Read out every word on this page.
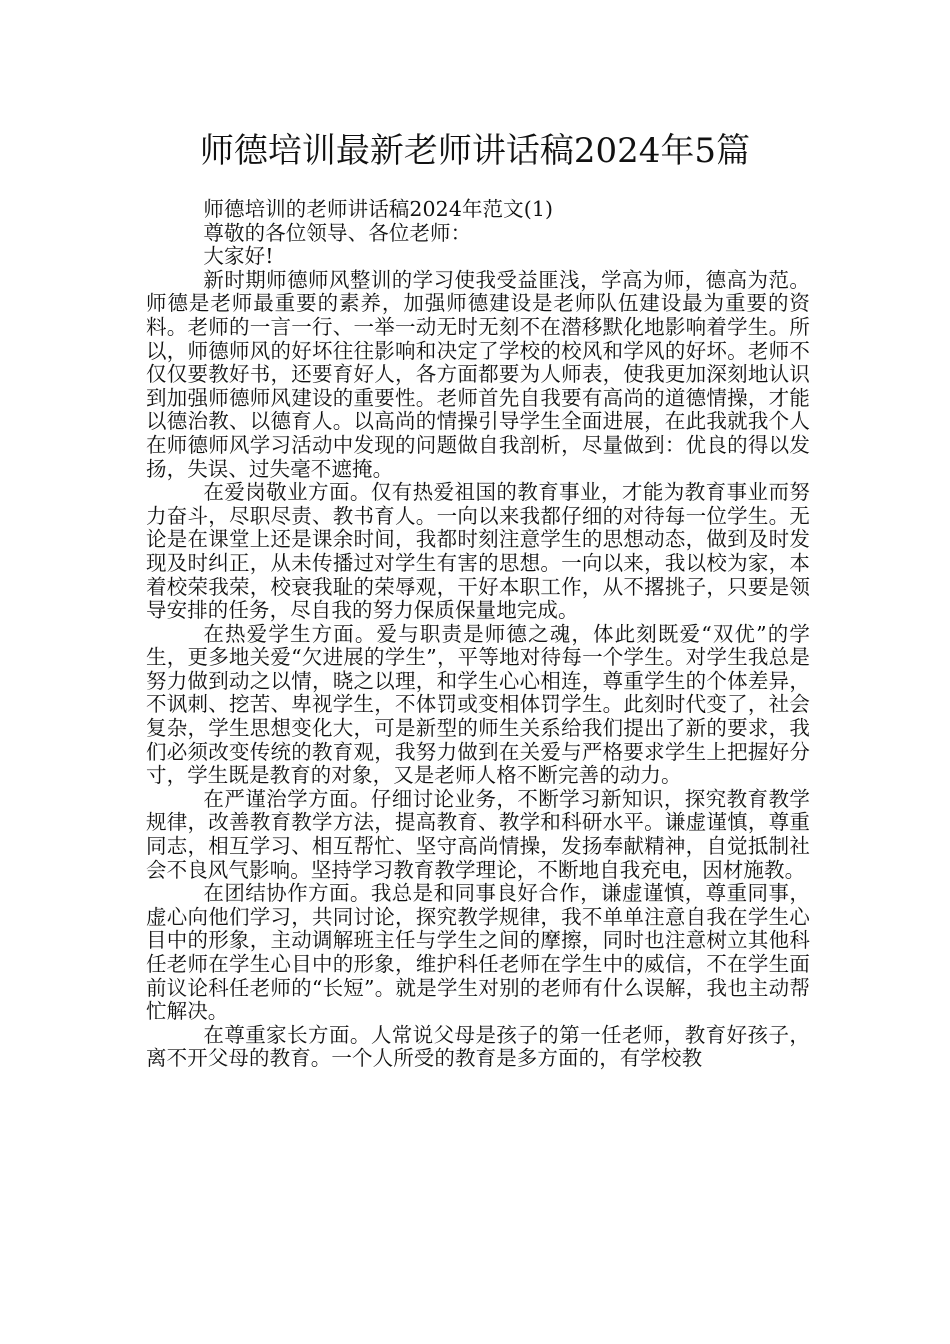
师德培训最新老师讲话稿2024年5篇

师德培训的老师讲话稿2024年范文(1)

尊敬的各位领导、各位老师：

大家好!

新时期师德师风整训的学习使我受益匪浅，学高为师，德高为范。师德是老师最重要的素养，加强师德建设是老师队伍建设最为重要的资料。老师的一言一行、一举一动无时无刻不在潜移默化地影响着学生。所以，师德师风的好坏往往影响和决定了学校的校风和学风的好坏。老师不仅仅要教好书，还要育好人，各方面都要为人师表，使我更加深刻地认识到加强师德师风建设的重要性。老师首先自我要有高尚的道德情操，才能以德治教、以德育人。以高尚的情操引导学生全面进展，在此我就我个人在师德师风学习活动中发现的问题做自我剖析，尽量做到：优良的得以发扬，失误、过失毫不遮掩。

在爱岗敬业方面。仅有热爱祖国的教育事业，才能为教育事业而努力奋斗，尽职尽责、教书育人。一向以来我都仔细的对待每一位学生。无论是在课堂上还是课余时间，我都时刻注意学生的思想动态，做到及时发现及时纠正，从未传播过对学生有害的思想。一向以来，我以校为家，本着校荣我荣，校衰我耻的荣辱观，干好本职工作，从不撂挑子，只要是领导安排的任务，尽自我的努力保质保量地完成。

在热爱学生方面。爱与职责是师德之魂，体此刻既爱“双优”的学生，更多地关爱“欠进展的学生”，平等地对待每一个学生。对学生我总是努力做到动之以情，晓之以理，和学生心心相连，尊重学生的个体差异，不讽刺、挖苦、卑视学生，不体罚或变相体罚学生。此刻时代变了，社会复杂，学生思想变化大，可是新型的师生关系给我们提出了新的要求，我们必须改变传统的教育观，我努力做到在关爱与严格要求学生上把握好分寸，学生既是教育的对象，又是老师人格不断完善的动力。

在严谨治学方面。仔细讨论业务，不断学习新知识，探究教育教学规律，改善教育教学方法，提高教育、教学和科研水平。谦虚谨慎，尊重同志，相互学习、相互帮忙、坚守高尚情操，发扬奉献精神，自觉抵制社会不良风气影响。坚持学习教育教学理论，不断地自我充电，因材施教。

在团结协作方面。我总是和同事良好合作，谦虚谨慎，尊重同事，虚心向他们学习，共同讨论，探究教学规律，我不单单注意自我在学生心目中的形象，主动调解班主任与学生之间的摩擦，同时也注意树立其他科任老师在学生心目中的形象，维护科任老师在学生中的威信，不在学生面前议论科任老师的“长短”。就是学生对别的老师有什么误解，我也主动帮忙解决。

在尊重家长方面。人常说父母是孩子的第一任老师，教育好孩子，离不开父母的教育。一个人所受的教育是多方面的，有学校教
